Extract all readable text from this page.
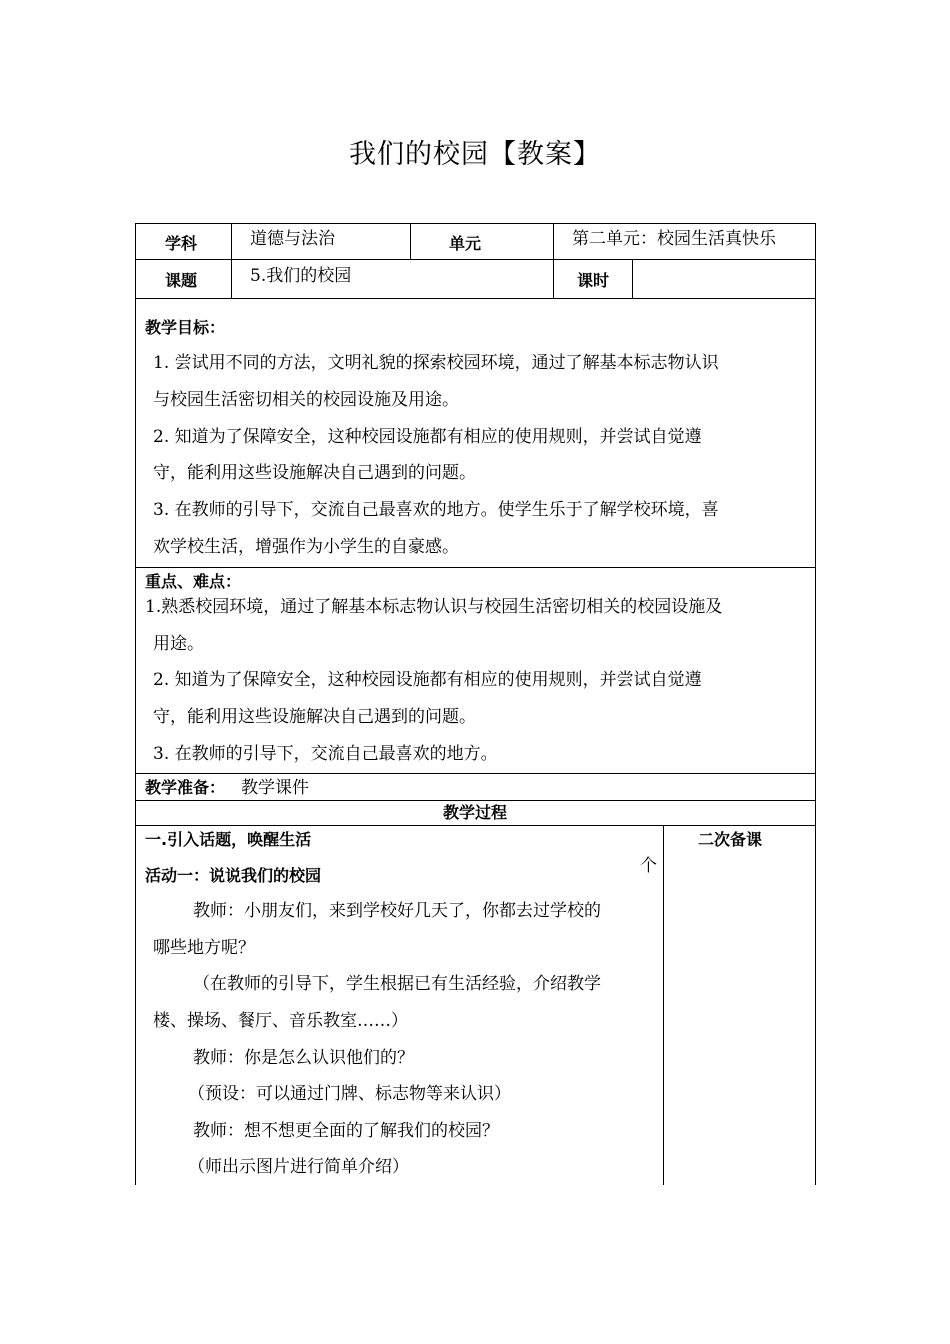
我们的校园【教案】
学科	道德与法治	单元	第二单元：校园生活真快乐
课题	5.我们的校园	课时
教学目标：
1. 尝试用不同的方法，文明礼貌的探索校园环境，通过了解基本标志物认识
与校园生活密切相关的校园设施及用途。
2. 知道为了保障安全，这种校园设施都有相应的使用规则，并尝试自觉遵
守，能利用这些设施解决自己遇到的问题。
3. 在教师的引导下，交流自己最喜欢的地方。使学生乐于了解学校环境，喜
欢学校生活，增强作为小学生的自豪感。
重点、难点：
1.熟悉校园环境，通过了解基本标志物认识与校园生活密切相关的校园设施及
用途。
2. 知道为了保障安全，这种校园设施都有相应的使用规则，并尝试自觉遵
守，能利用这些设施解决自己遇到的问题。
3. 在教师的引导下，交流自己最喜欢的地方。
教学准备： 教学课件
教学过程
一.引入话题，唤醒生活
个
活动一：说说我们的校园
教师：小朋友们，来到学校好几天了，你都去过学校的
哪些地方呢？
（在教师的引导下，学生根据已有生活经验，介绍教学
楼、操场、餐厅、音乐教室……）
教师：你是怎么认识他们的？
（预设：可以通过门牌、标志物等来认识）
教师：想不想更全面的了解我们的校园？
（师出示图片进行简单介绍）
二次备课
